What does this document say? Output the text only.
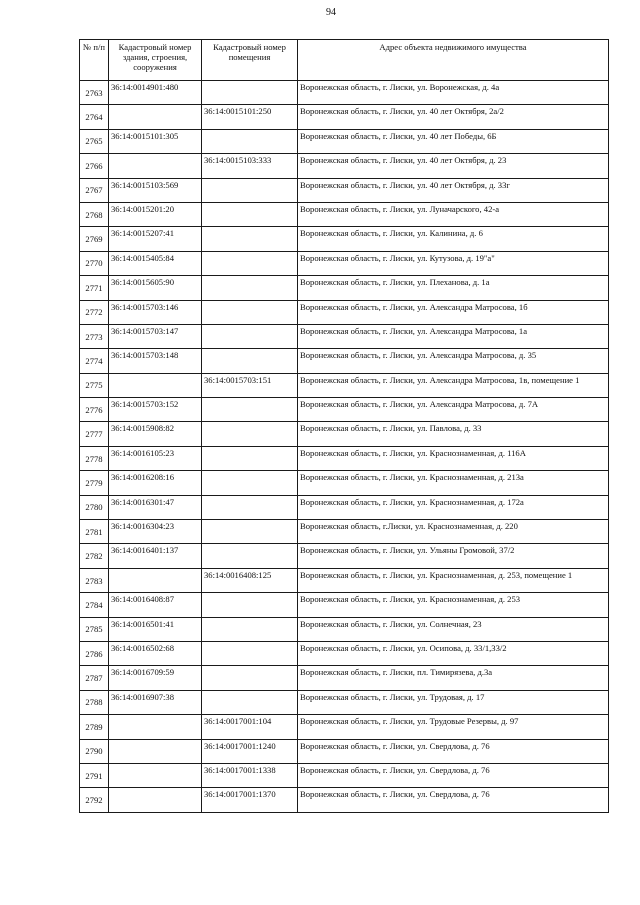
94
№ п/п	Кадастровый номер здания, строения, сооружения	Кадастровый номер помещения	Адрес объекта недвижимого имущества
2763	36:14:0014901:480		Воронежская область, г. Лиски, ул. Воронежская, д. 4а
2764		36:14:0015101:250	Воронежская область, г. Лиски, ул. 40 лет Октября, 2а/2
2765	36:14:0015101:305		Воронежская область, г. Лиски, ул. 40 лет Победы, 6Б
2766		36:14:0015103:333	Воронежская область, г. Лиски, ул. 40 лет Октября, д. 23
2767	36:14:0015103:569		Воронежская область, г. Лиски, ул. 40 лет Октября, д. 33г
2768	36:14:0015201:20		Воронежская область, г. Лиски, ул. Луначарского, 42-а
2769	36:14:0015207:41		Воронежская область, г. Лиски, ул. Калинина, д. 6
2770	36:14:0015405:84		Воронежская область, г. Лиски, ул. Кутузова, д. 19"а"
2771	36:14:0015605:90		Воронежская область, г. Лиски, ул. Плеханова, д. 1а
2772	36:14:0015703:146		Воронежская область, г. Лиски, ул. Александра Матросова, 1б
2773	36:14:0015703:147		Воронежская область, г. Лиски, ул. Александра Матросова, 1а
2774	36:14:0015703:148		Воронежская область, г. Лиски, ул. Александра Матросова, д. 35
2775		36:14:0015703:151	Воронежская область, г. Лиски, ул. Александра Матросова, 1в, помещение 1
2776	36:14:0015703:152		Воронежская область, г. Лиски, ул. Александра Матросова, д. 7А
2777	36:14:0015908:82		Воронежская область, г. Лиски, ул. Павлова, д. 33
2778	36:14:0016105:23		Воронежская область, г. Лиски, ул. Краснознаменная, д. 116А
2779	36:14:0016208:16		Воронежская область, г. Лиски, ул. Краснознаменная, д. 213а
2780	36:14:0016301:47		Воронежская область, г. Лиски, ул. Краснознаменная, д. 172а
2781	36:14:0016304:23		Воронежская область, г.Лиски, ул. Краснознаменная, д. 220
2782	36:14:0016401:137		Воронежская область, г. Лиски, ул. Ульяны Громовой, 37/2
2783		36:14:0016408:125	Воронежская область, г. Лиски, ул. Краснознаменная, д. 253, помещение 1
2784	36:14:0016408:87		Воронежская область, г. Лиски, ул. Краснознаменная, д. 253
2785	36:14:0016501:41		Воронежская область, г. Лиски, ул. Солнечная, 23
2786	36:14:0016502:68		Воронежская область, г. Лиски, ул. Осипова, д. 33/1,33/2
2787	36:14:0016709:59		Воронежская область, г. Лиски, пл. Тимирязева, д.3а
2788	36:14:0016907:38		Воронежская область, г. Лиски, ул. Трудовая, д. 17
2789		36:14:0017001:104	Воронежская область, г. Лиски, ул. Трудовые Резервы, д. 97
2790		36:14:0017001:1240	Воронежская область, г. Лиски, ул. Свердлова, д. 76
2791		36:14:0017001:1338	Воронежская область, г. Лиски, ул. Свердлова, д. 76
2792		36:14:0017001:1370	Воронежская область, г. Лиски, ул. Свердлова, д. 76
